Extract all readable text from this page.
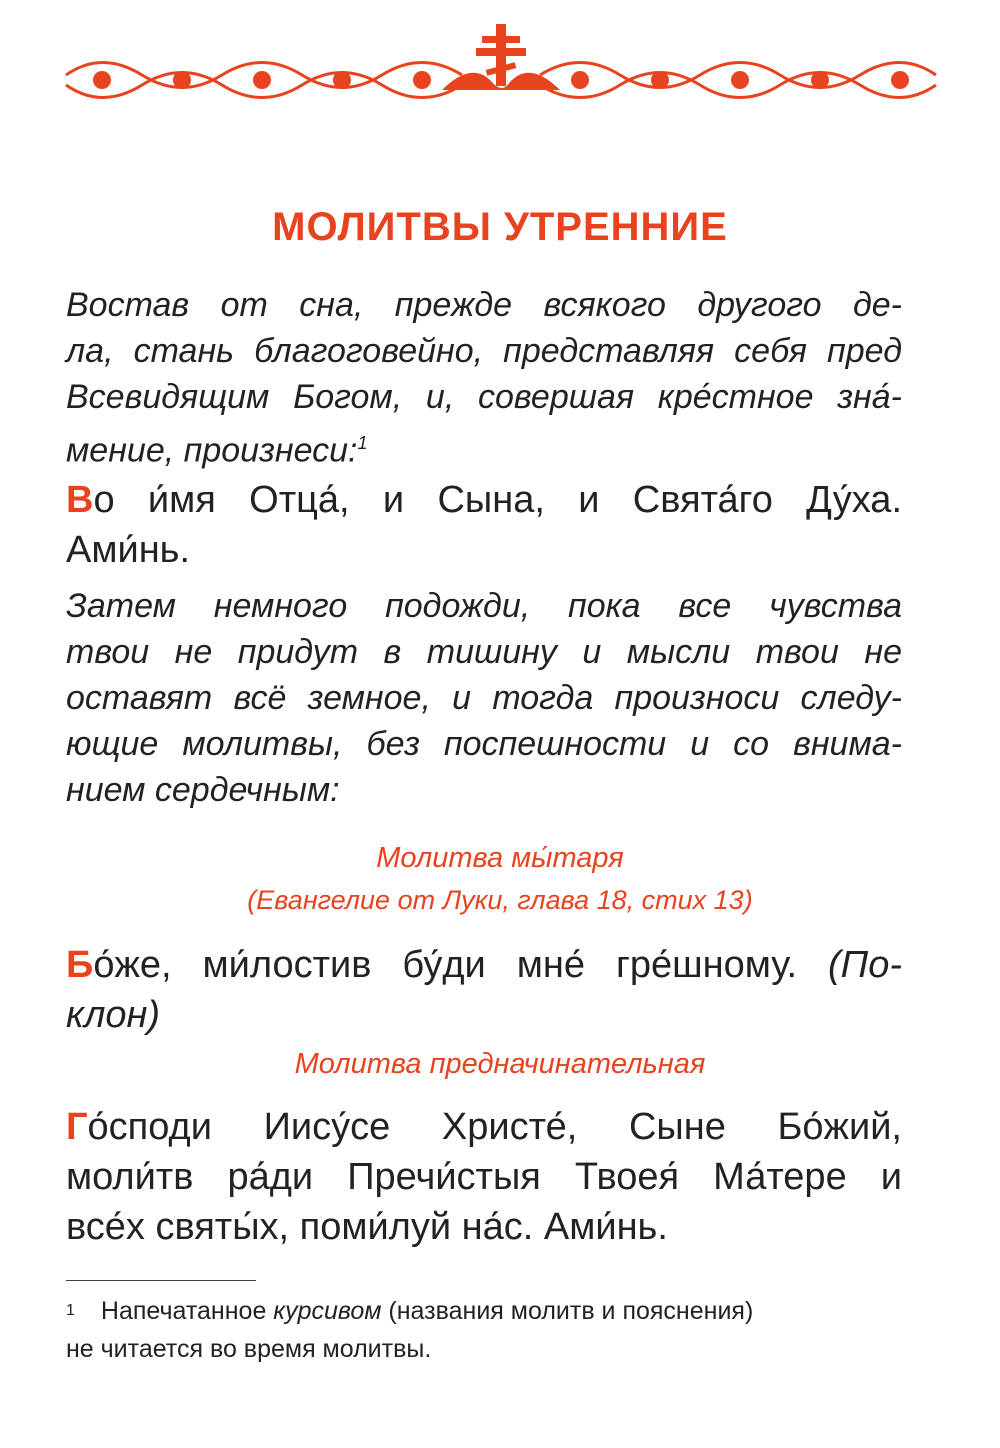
МОЛИТВЫ УТРЕННИЕ
Востав от сна, прежде всякого другого де-
ла, стань благоговейно, представляя себя пред
Всевидящим Богом, и, совершая кре́стное зна́-
мение, произнеси:$^1$
Во и́мя Отца́, и Сына, и Свята́го Ду́ха.
Ами́нь.
Затем немного подожди, пока все чувства
твои не придут в тишину и мысли твои не
оставят всё земное, и тогда произноси следу-
ющие молитвы, без поспешности и со внима-
нием сердечным:
Молитва мы́таря
(Евангелие от Луки, глава 18, стих 13)
Бо́же, ми́лостив бу́ди мне́ гре́шному. (По-
клон)
Молитва предначинательная
Го́споди Иису́се Христе́, Сыне Бо́жий,
моли́тв ра́ди Пречи́стыя Твоея́ Ма́тере и
все́х святы́х, поми́луй на́с. Ами́нь.
$^1$ Напечатанное курсивом (названия молитв и пояснения)
не читается во время молитвы.
